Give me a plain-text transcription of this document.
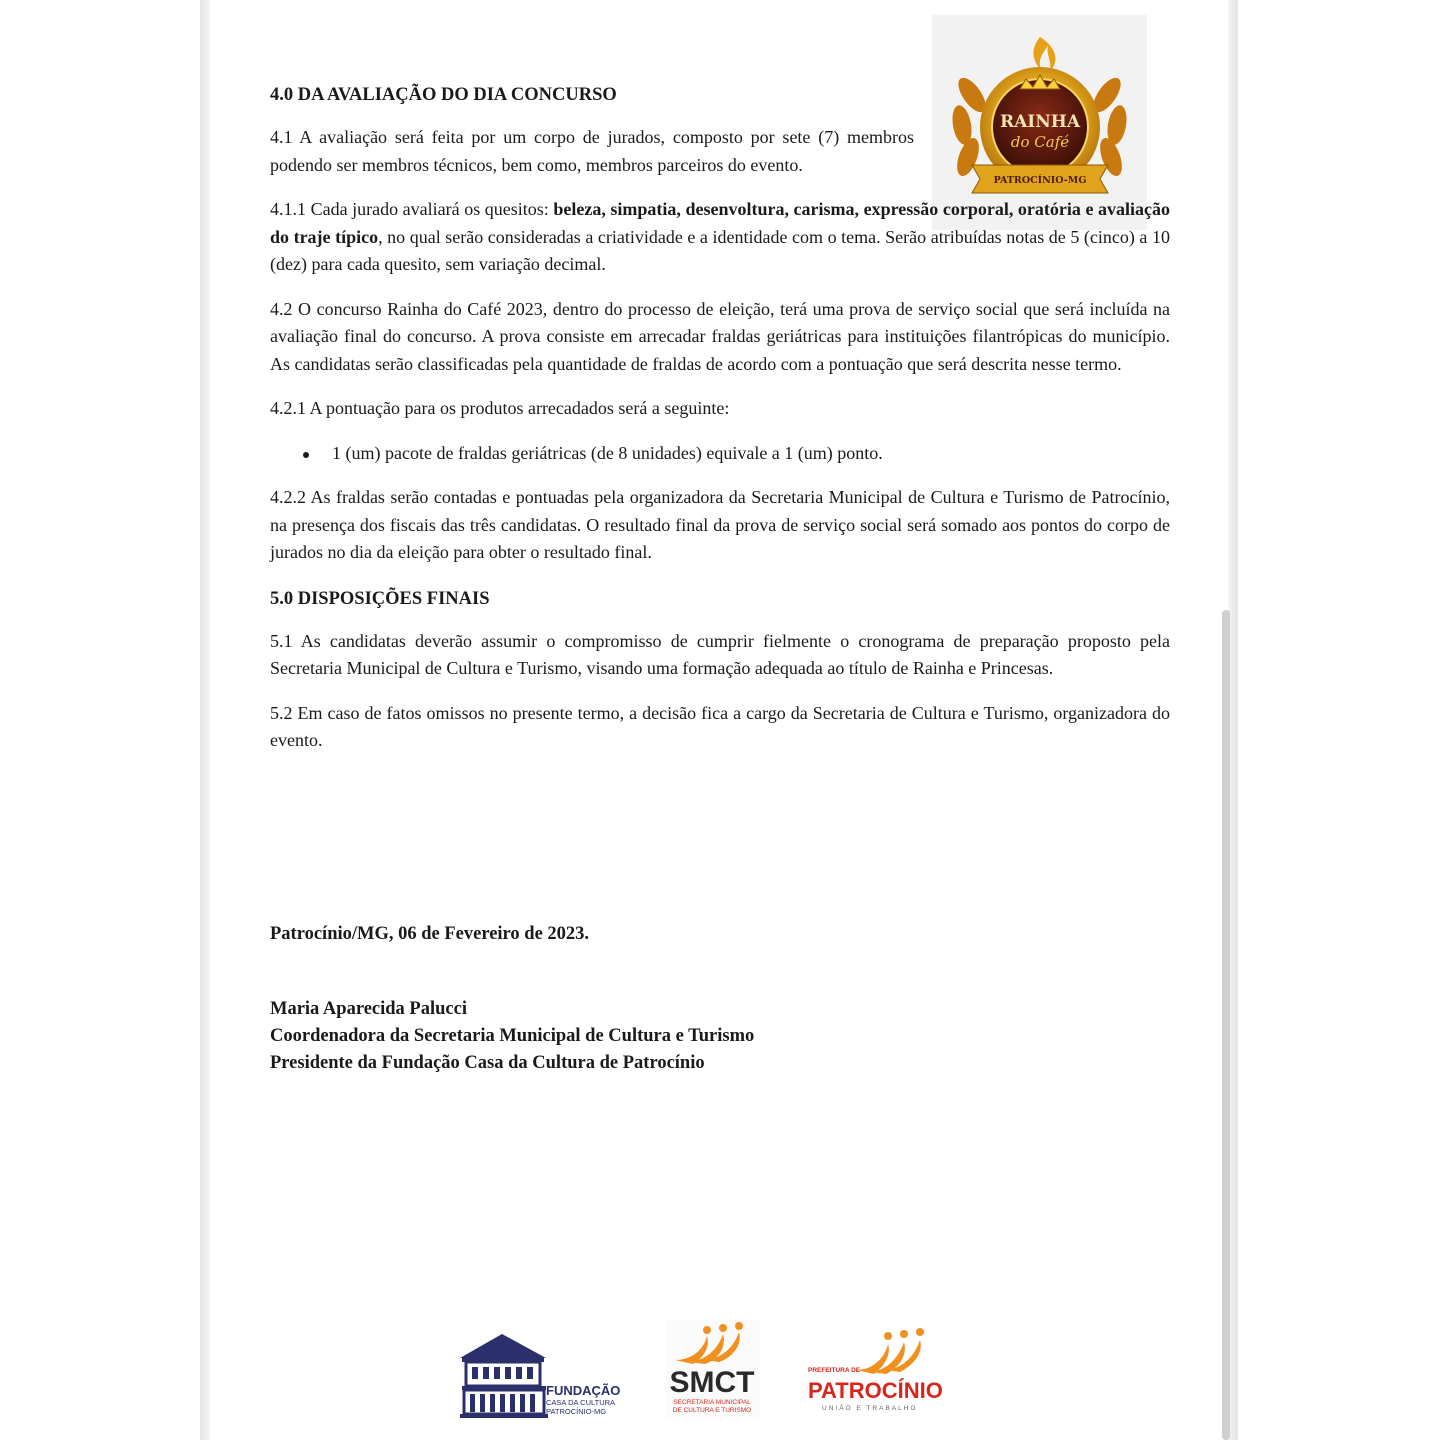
RAINHA
do Café
PATROCÍNIO-MG
4.0 DA AVALIAÇÃO DO DIA CONCURSO

4.1 A avaliação será feita por um corpo de jurados, composto por sete (7) membros podendo ser membros técnicos, bem como, membros parceiros do evento.

4.1.1 Cada jurado avaliará os quesitos: beleza, simpatia, desenvoltura, carisma, expressão corporal, oratória e avaliação do traje típico, no qual serão consideradas a criatividade e a identidade com o tema. Serão atribuídas notas de 5 (cinco) a 10 (dez) para cada quesito, sem variação decimal.

4.2 O concurso Rainha do Café 2023, dentro do processo de eleição, terá uma prova de serviço social que será incluída na avaliação final do concurso. A prova consiste em arrecadar fraldas geriátricas para instituições filantrópicas do município. As candidatas serão classificadas pela quantidade de fraldas de acordo com a pontuação que será descrita nesse termo.

4.2.1 A pontuação para os produtos arrecadados será a seguinte:

1 (um) pacote de fraldas geriátricas (de 8 unidades) equivale a 1 (um) ponto.

4.2.2 As fraldas serão contadas e pontuadas pela organizadora da Secretaria Municipal de Cultura e Turismo de Patrocínio, na presença dos fiscais das três candidatas. O resultado final da prova de serviço social será somado aos pontos do corpo de jurados no dia da eleição para obter o resultado final.

5.0 DISPOSIÇÕES FINAIS

5.1 As candidatas deverão assumir o compromisso de cumprir fielmente o cronograma de preparação proposto pela Secretaria Municipal de Cultura e Turismo, visando uma formação adequada ao título de Rainha e Princesas.

5.2 Em caso de fatos omissos no presente termo, a decisão fica a cargo da Secretaria de Cultura e Turismo, organizadora do evento.

Patrocínio/MG, 06 de Fevereiro de 2023.
Maria Aparecida Palucci
Coordenadora da Secretaria Municipal de Cultura e Turismo
Presidente da Fundação Casa da Cultura de Patrocínio
FUNDAÇÃO
CASA DA CULTURA
PATROCÍNIO-MG
SMCT
SECRETARIA MUNICIPAL
DE CULTURA E TURISMO
PREFEITURA DE
PATROCÍNIO
UNIÃO E TRABALHO
